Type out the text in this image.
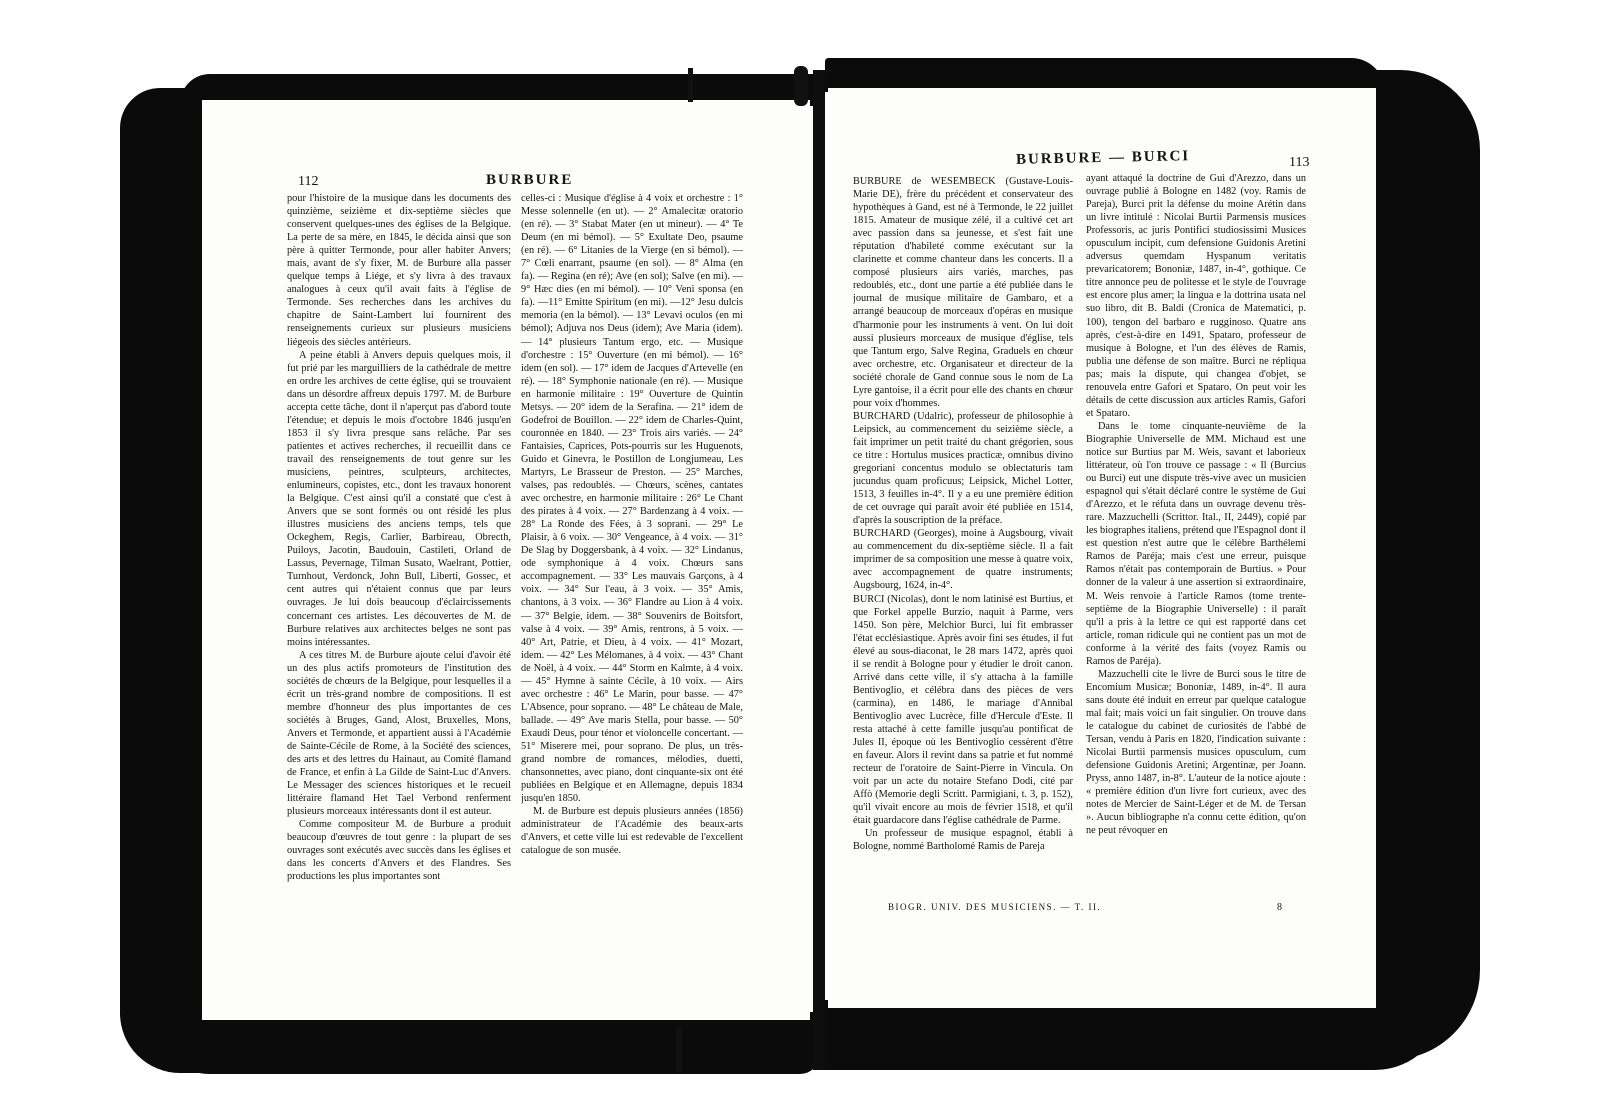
112	BURBURE

pour l'histoire de la musique dans les documents des quinzième, seizième et dix-septième siècles que conservent quelques-unes des églises de la Belgique. La perte de sa mère, en 1845, le décida ainsi que son père à quitter Termonde, pour aller habiter Anvers; mais, avant de s'y fixer, M. de Burbure alla passer quelque temps à Liége, et s'y livra à des travaux analogues à ceux qu'il avait faits à l'église de Termonde. Ses recherches dans les archives du chapitre de Saint-Lambert lui fournirent des renseignements curieux sur plusieurs musiciens liégeois des siècles antérieurs.

A peine établi à Anvers depuis quelques mois, il fut prié par les marguilliers de la cathédrale de mettre en ordre les archives de cette église, qui se trouvaient dans un désordre affreux depuis 1797. M. de Burbure accepta cette tâche, dont il n'aperçut pas d'abord toute l'étendue; et depuis le mois d'octobre 1846 jusqu'en 1853 il s'y livra presque sans relâche. Par ses patientes et actives recherches, il recueillit dans ce travail des renseignements de tout genre sur les musiciens, peintres, sculpteurs, architectes, enlumineurs, copistes, etc., dont les travaux honorent la Belgique. C'est ainsi qu'il a constaté que c'est à Anvers que se sont formés ou ont résidé les plus illustres musiciens des anciens temps, tels que Ockeghem, Regis, Carlier, Barbireau, Obrecth, Puiloys, Jacotin, Baudouin, Castileti, Orland de Lassus, Pevernage, Tilman Susato, Waelrant, Pottier, Turnhout, Verdonck, John Bull, Liberti, Gossec, et cent autres qui n'étaient connus que par leurs ouvrages. Je lui dois beaucoup d'éclaircissements concernant ces artistes. Les découvertes de M. de Burbure relatives aux architectes belges ne sont pas moins intéressantes.

A ces titres M. de Burbure ajoute celui d'avoir été un des plus actifs promoteurs de l'institution des sociétés de chœurs de la Belgique, pour lesquelles il a écrit un très-grand nombre de compositions. Il est membre d'honneur des plus importantes de ces sociétés à Bruges, Gand, Alost, Bruxelles, Mons, Anvers et Termonde, et appartient aussi à l'Académie de Sainte-Cécile de Rome, à la Société des sciences, des arts et des lettres du Hainaut, au Comité flamand de France, et enfin à La Gilde de Saint-Luc d'Anvers. Le Messager des sciences historiques et le recueil littéraire flamand Het Tael Verbond renferment plusieurs morceaux intéressants dont il est auteur.

Comme compositeur M. de Burbure a produit beaucoup d'œuvres de tout genre : la plupart de ses ouvrages sont exécutés avec succès dans les églises et dans les concerts d'Anvers et des Flandres. Ses productions les plus importantes sont

celles-ci : Musique d'église à 4 voix et orchestre : 1° Messe solennelle (en ut). — 2° Amalecitæ oratorio (en ré). — 3° Stabat Mater (en ut mineur). — 4° Te Deum (en mi bémol). — 5° Exultate Deo, psaume (en ré). — 6° Litanies de la Vierge (en si bémol). — 7° Cœli enarrant, psaume (en sol). — 8° Alma (en fa). — Regina (en ré); Ave (en sol); Salve (en mi). — 9° Hæc dies (en mi bémol). — 10° Veni sponsa (en fa). —11° Emitte Spiritum (en mi). —12° Jesu dulcis memoria (en la bémol). — 13° Levavi oculos (en mi bémol); Adjuva nos Deus (idem); Ave Maria (idem). — 14° plusieurs Tantum ergo, etc. — Musique d'orchestre : 15° Ouverture (en mi bémol). — 16° idem (en sol). — 17° idem de Jacques d'Artevelle (en ré). — 18° Symphonie nationale (en ré). — Musique en harmonie militaire : 19° Ouverture de Quintin Metsys. — 20° idem de la Serafina. — 21° idem de Godefroi de Bouillon. — 22° idem de Charles-Quint, couronnée en 1840. — 23° Trois airs variés. — 24° Fantaisies, Caprices, Pots-pourris sur les Huguenots, Guido et Ginevra, le Postillon de Longjumeau, Les Martyrs, Le Brasseur de Preston. — 25° Marches, valses, pas redoublés. — Chœurs, scènes, cantates avec orchestre, en harmonie militaire : 26° Le Chant des pirates à 4 voix. — 27° Bardenzang à 4 voix. — 28° La Ronde des Fées, à 3 soprani. — 29° Le Plaisir, à 6 voix. — 30° Vengeance, à 4 voix. — 31° De Slag by Doggersbank, à 4 voix. — 32° Lindanus, ode symphonique à 4 voix. Chœurs sans accompagnement. — 33° Les mauvais Garçons, à 4 voix. — 34° Sur l'eau, à 3 voix. — 35° Amis, chantons, à 3 voix. — 36° Flandre au Lion à 4 voix. — 37° Belgie, idem. — 38° Souvenirs de Boitsfort, valse à 4 voix. — 39° Amis, rentrons, à 5 voix. — 40° Art, Patrie, et Dieu, à 4 voix. — 41° Mozart, idem. — 42° Les Mélomanes, à 4 voix. — 43° Chant de Noël, à 4 voix. — 44° Storm en Kalmte, à 4 voix. — 45° Hymne à sainte Cécile, à 10 voix. — Airs avec orchestre : 46° Le Marin, pour basse. — 47° L'Absence, pour soprano. — 48° Le château de Male, ballade. — 49° Ave maris Stella, pour basse. — 50° Exaudi Deus, pour ténor et violoncelle concertant. — 51° Miserere mei, pour soprano. De plus, un très-grand nombre de romances, mélodies, duetti, chansonnettes, avec piano, dont cinquante-six ont été publiées en Belgique et en Allemagne, depuis 1834 jusqu'en 1850.

M. de Burbure est depuis plusieurs années (1856) administrateur de l'Académie des beaux-arts d'Anvers, et cette ville lui est redevable de l'excellent catalogue de son musée.

BURBURE — BURCI	113

BURBURE de WESEMBECK (Gustave-Louis-Marie DE), frère du précédent et conservateur des hypothèques à Gand, est né à Termonde, le 22 juillet 1815. Amateur de musique zélé, il a cultivé cet art avec passion dans sa jeunesse, et s'est fait une réputation d'habileté comme exécutant sur la clarinette et comme chanteur dans les concerts. Il a composé plusieurs airs variés, marches, pas redoublés, etc., dont une partie a été publiée dans le journal de musique militaire de Gambaro, et a arrangé beaucoup de morceaux d'opéras en musique d'harmonie pour les instruments à vent. On lui doit aussi plusieurs morceaux de musique d'église, tels que Tantum ergo, Salve Regina, Graduels en chœur avec orchestre, etc. Organisateur et directeur de la société chorale de Gand connue sous le nom de La Lyre gantoise, il a écrit pour elle des chants en chœur pour voix d'hommes.

BURCHARD (Udalric), professeur de philosophie à Leipsick, au commencement du seizième siècle, a fait imprimer un petit traité du chant grégorien, sous ce titre : Hortulus musices practicæ, omnibus divino gregoriani concentus modulo se oblectaturis tam jucundus quam proficuus; Leipsick, Michel Lotter, 1513, 3 feuilles in-4°. Il y a eu une première édition de cet ouvrage qui paraît avoir été publiée en 1514, d'après la souscription de la préface.

BURCHARD (Georges), moine à Augsbourg, vivait au commencement du dix-septième siècle. Il a fait imprimer de sa composition une messe à quatre voix, avec accompagnement de quatre instruments; Augsbourg, 1624, in-4°.

BURCI (Nicolas), dont le nom latinisé est Burtius, et que Forkel appelle Burzio, naquit à Parme, vers 1450. Son père, Melchior Burci, lui fit embrasser l'état ecclésiastique. Après avoir fini ses études, il fut élevé au sous-diaconat, le 28 mars 1472, après quoi il se rendit à Bologne pour y étudier le droit canon. Arrivé dans cette ville, il s'y attacha à la famille Bentivoglio, et célébra dans des pièces de vers (carmina), en 1486, le mariage d'Annibal Bentivoglio avec Lucrèce, fille d'Hercule d'Este. Il resta attaché à cette famille jusqu'au pontificat de Jules II, époque où les Bentivoglio cessèrent d'être en faveur. Alors il revint dans sa patrie et fut nommé recteur de l'oratoire de Saint-Pierre in Vincula. On voit par un acte du notaire Stefano Dodi, cité par Affò (Memorie degli Scritt. Parmigiani, t. 3, p. 152), qu'il vivait encore au mois de février 1518, et qu'il était guardacore dans l'église cathédrale de Parme.

Un professeur de musique espagnol, établi à Bologne, nommé Bartholomé Ramis de Pareja

ayant attaqué la doctrine de Gui d'Arezzo, dans un ouvrage publié à Bologne en 1482 (voy. Ramis de Pareja), Burci prit la défense du moine Arétin dans un livre intitulé : Nicolai Burtii Parmensis musices Professoris, ac juris Pontifici studiosissimi Musices opusculum incipit, cum defensione Guidonis Aretini adversus quemdam Hyspanum veritatis prevaricatorem; Bononiæ, 1487, in-4°, gothique. Ce titre annonce peu de politesse et le style de l'ouvrage est encore plus amer; la lingua e la dottrina usata nel suo libro, dit B. Baldi (Cronica de Matematici, p. 100), tengon del barbaro e rugginoso. Quatre ans après, c'est-à-dire en 1491, Spataro, professeur de musique à Bologne, et l'un des élèves de Ramis, publia une défense de son maître. Burci ne répliqua pas; mais la dispute, qui changea d'objet, se renouvela entre Gafori et Spataro. On peut voir les détails de cette discussion aux articles Ramis, Gafori et Spataro.

Dans le tome cinquante-neuvième de la Biographie Universelle de MM. Michaud est une notice sur Burtius par M. Weis, savant et laborieux littérateur, où l'on trouve ce passage : « Il (Burcius ou Burci) eut une dispute très-vive avec un musicien espagnol qui s'était déclaré contre le système de Gui d'Arezzo, et le réfuta dans un ouvrage devenu très-rare. Mazzuchelli (Scrittor. Ital., II, 2449), copié par les biographes italiens, prétend que l'Espagnol dont il est question n'est autre que le célèbre Barthélemi Ramos de Paréja; mais c'est une erreur, puisque Ramos n'était pas contemporain de Burtius. » Pour donner de la valeur à une assertion si extraordinaire, M. Weis renvoie à l'article Ramos (tome trente-septième de la Biographie Universelle) : il paraît qu'il a pris à la lettre ce qui est rapporté dans cet article, roman ridicule qui ne contient pas un mot de conforme à la vérité des faits (voyez Ramis ou Ramos de Paréja).

Mazzuchelli cite le livre de Burci sous le titre de Encomium Musicæ; Bononiæ, 1489, in-4°. Il aura sans doute été induit en erreur par quelque catalogue mal fait; mais voici un fait singulier. On trouve dans le catalogue du cabinet de curiosités de l'abbé de Tersan, vendu à Paris en 1820, l'indication suivante : Nicolai Burtii parmensis musices opusculum, cum defensione Guidonis Aretini; Argentinæ, per Joann. Pryss, anno 1487, in-8°. L'auteur de la notice ajoute : « première édition d'un livre fort curieux, avec des notes de Mercier de Saint-Léger et de M. de Tersan ». Aucun bibliographe n'a connu cette édition, qu'on ne peut révoquer en

BIOGR. UNIV. DES MUSICIENS. — T. II.	8
